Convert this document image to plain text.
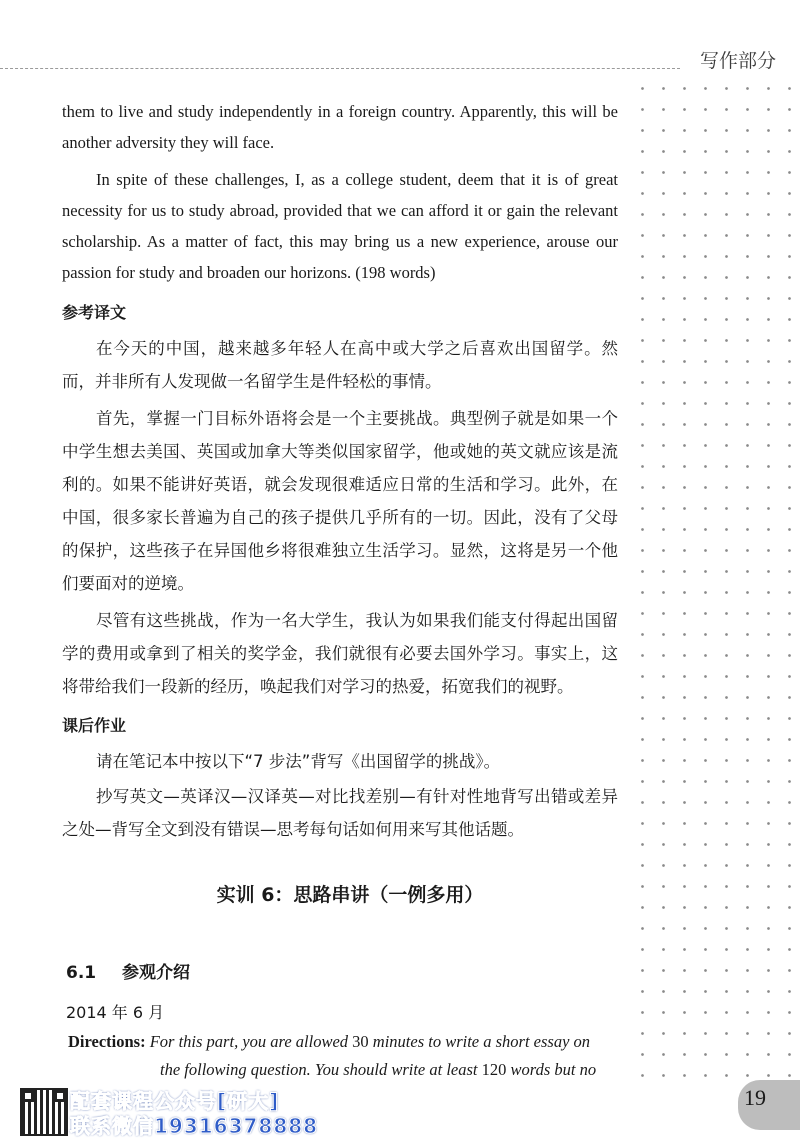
写作部分

them to live and study independently in a foreign country. Apparently, this will be another adversity they will face.

In spite of these challenges, I, as a college student, deem that it is of great necessity for us to study abroad, provided that we can afford it or gain the relevant scholarship. As a matter of fact, this may bring us a new experience, arouse our passion for study and broaden our horizons. (198 words)

参考译文

在今天的中国，越来越多年轻人在高中或大学之后喜欢出国留学。然而，并非所有人发现做一名留学生是件轻松的事情。

首先，掌握一门目标外语将会是一个主要挑战。典型例子就是如果一个中学生想去美国、英国或加拿大等类似国家留学，他或她的英文就应该是流利的。如果不能讲好英语，就会发现很难适应日常的生活和学习。此外，在中国，很多家长普遍为自己的孩子提供几乎所有的一切。因此，没有了父母的保护，这些孩子在异国他乡将很难独立生活学习。显然，这将是另一个他们要面对的逆境。

尽管有这些挑战，作为一名大学生，我认为如果我们能支付得起出国留学的费用或拿到了相关的奖学金，我们就很有必要去国外学习。事实上，这将带给我们一段新的经历，唤起我们对学习的热爱，拓宽我们的视野。

课后作业

请在笔记本中按以下“7 步法”背写《出国留学的挑战》。

抄写英文—英译汉—汉译英—对比找差别—有针对性地背写出错或差异之处—背写全文到没有错误—思考每句话如何用来写其他话题。

实训 6：思路串讲（一例多用）
6.1 参观介绍
2014 年 6 月
Directions: For this part, you are allowed 30 minutes to write a short essay on
the following question. You should write at least 120 words but no
配套课程公众号[研大]
联系微信19316378888
19
